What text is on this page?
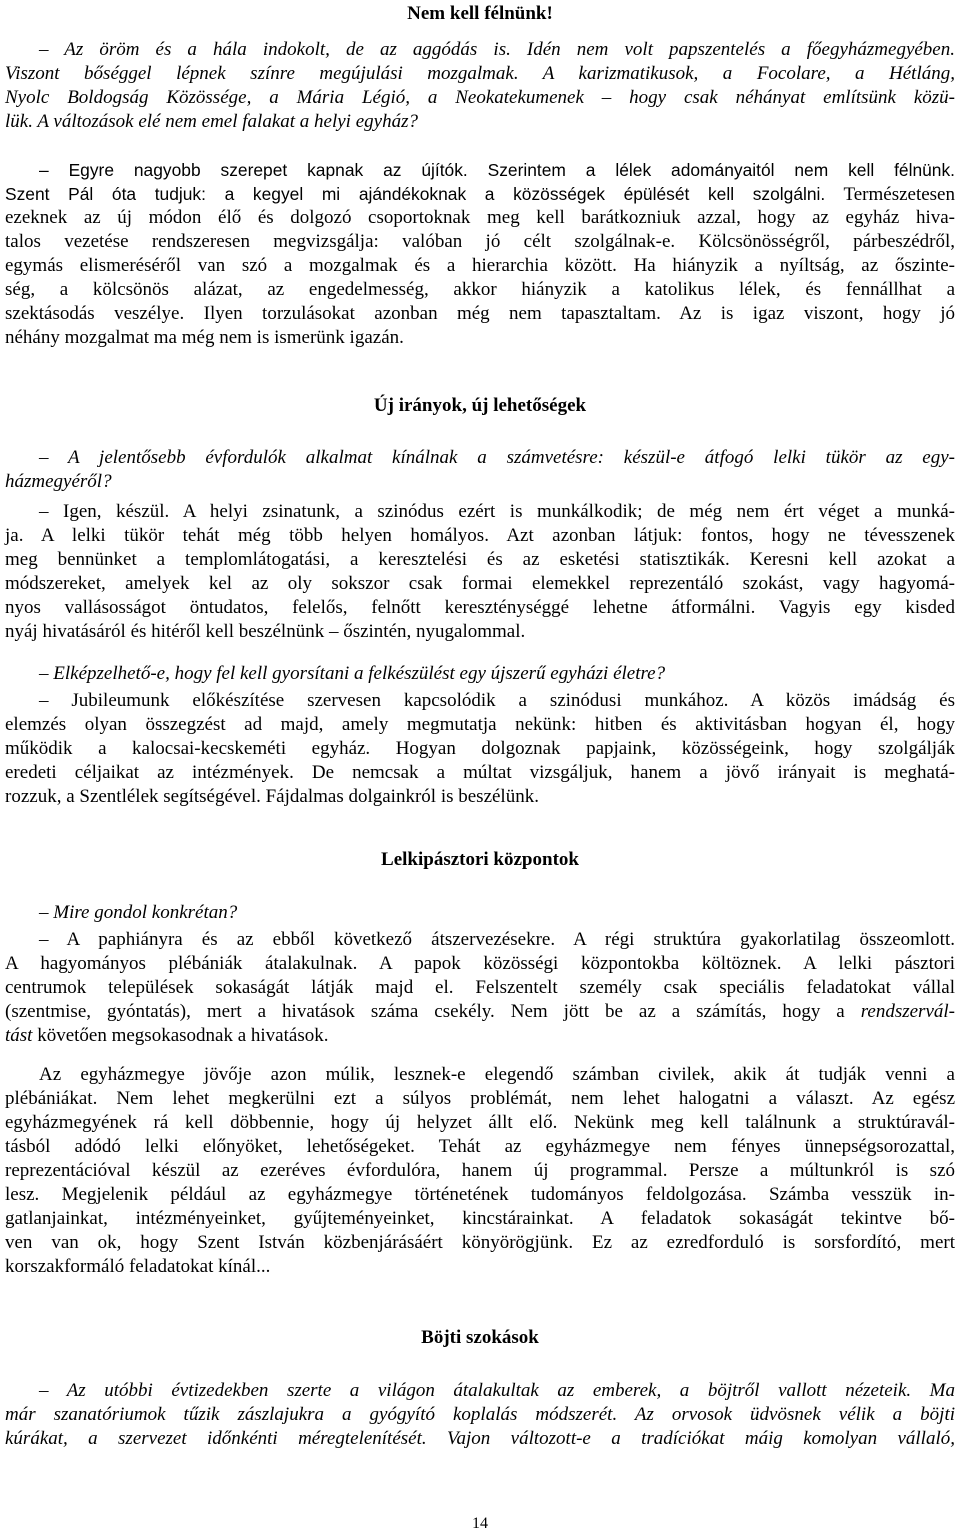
Nem kell félnünk!

– Az öröm és a hála indokolt, de az aggódás is. Idén nem volt papszentelés a főegyházmegyében.
Viszont bőséggel lépnek színre megújulási mozgalmak. A karizmatikusok, a Focolare, a Hétláng,
Nyolc Boldogság Közössége, a Mária Légió, a Neokatekumenek – hogy csak néhányat említsünk közü-
lük. A változások elé nem emel falakat a helyi egyház?

– Egyre nagyobb szerepet kapnak az újítók. Szerintem a lélek adományaitól nem kell félnünk.
Szent Pál óta tudjuk: a kegyel mi ajándékoknak a közösségek épülését kell szolgálni. Természetesen
ezeknek az új módon élő és dolgozó csoportoknak meg kell barátkozniuk azzal, hogy az egyház hiva-
talos vezetése rendszeresen megvizsgálja: valóban jó célt szolgálnak-e. Kölcsönösségről, párbeszédről,
egymás elismeréséről van szó a mozgalmak és a hierarchia között. Ha hiányzik a nyíltság, az őszinte-
ség, a kölcsönös alázat, az engedelmesség, akkor hiányzik a katolikus lélek, és fennállhat a
szektásodás veszélye. Ilyen torzulásokat azonban még nem tapasztaltam. Az is igaz viszont, hogy jó
néhány mozgalmat ma még nem is ismerünk igazán.

Új irányok, új lehetőségek

– A jelentősebb évfordulók alkalmat kínálnak a számvetésre: készül-e átfogó lelki tükör az egy-
házmegyéről?

– Igen, készül. A helyi zsinatunk, a szinódus ezért is munkálkodik; de még nem ért véget a munká-
ja. A lelki tükör tehát még több helyen homályos. Azt azonban látjuk: fontos, hogy ne tévesszenek
meg bennünket a templomlátogatási, a keresztelési és az esketési statisztikák. Keresni kell azokat a
módszereket, amelyek kel az oly sokszor csak formai elemekkel reprezentáló szokást, vagy hagyomá-
nyos vallásosságot öntudatos, felelős, felnőtt kereszténységgé lehetne átformálni. Vagyis egy kisded
nyáj hivatásáról és hitéről kell beszélnünk – őszintén, nyugalommal.

– Elképzelhető-e, hogy fel kell gyorsítani a felkészülést egy újszerű egyházi életre?

– Jubileumunk előkészítése szervesen kapcsolódik a szinódusi munkához. A közös imádság és
elemzés olyan összegzést ad majd, amely megmutatja nekünk: hitben és aktivitásban hogyan él, hogy
működik a kalocsai-kecskeméti egyház. Hogyan dolgoznak papjaink, közösségeink, hogy szolgálják
eredeti céljaikat az intézmények. De nemcsak a múltat vizsgáljuk, hanem a jövő irányait is meghatá-
rozzuk, a Szentlélek segítségével. Fájdalmas dolgainkról is beszélünk.

Lelkipásztori központok

– Mire gondol konkrétan?

– A paphiányra és az ebből következő átszervezésekre. A régi struktúra gyakorlatilag összeomlott.
A hagyományos plébániák átalakulnak. A papok közösségi központokba költöznek. A lelki pásztori
centrumok települések sokaságát látják majd el. Felszentelt személy csak speciális feladatokat vállal
(szentmise, gyóntatás), mert a hivatások száma csekély. Nem jött be az a számítás, hogy a rendszervál-
tást követően megsokasodnak a hivatások.

Az egyházmegye jövője azon múlik, lesznek-e elegendő számban civilek, akik át tudják venni a
plébániákat. Nem lehet megkerülni ezt a súlyos problémát, nem lehet halogatni a választ. Az egész
egyházmegyének rá kell döbbennie, hogy új helyzet állt elő. Nekünk meg kell találnunk a struktúravál-
tásból adódó lelki előnyöket, lehetőségeket. Tehát az egyházmegye nem fényes ünnepségsorozattal,
reprezentációval készül az ezeréves évfordulóra, hanem új programmal. Persze a múltunkról is szó
lesz. Megjelenik például az egyházmegye történetének tudományos feldolgozása. Számba vesszük in-
gatlanjainkat, intézményeinket, gyűjteményeinket, kincstárainkat. A feladatok sokaságát tekintve bő-
ven van ok, hogy Szent István közbenjárásáért könyörögjünk. Ez az ezredforduló is sorsfordító, mert
korszakformáló feladatokat kínál...

Böjti szokások

– Az utóbbi évtizedekben szerte a világon átalakultak az emberek, a böjtről vallott nézeteik. Ma
már szanatóriumok tűzik zászlajukra a gyógyító koplalás módszerét. Az orvosok üdvösnek vélik a böjti
kúrákat, a szervezet időnkénti méregtelenítését. Vajon változott-e a tradíciókat máig komolyan vállaló,

14
